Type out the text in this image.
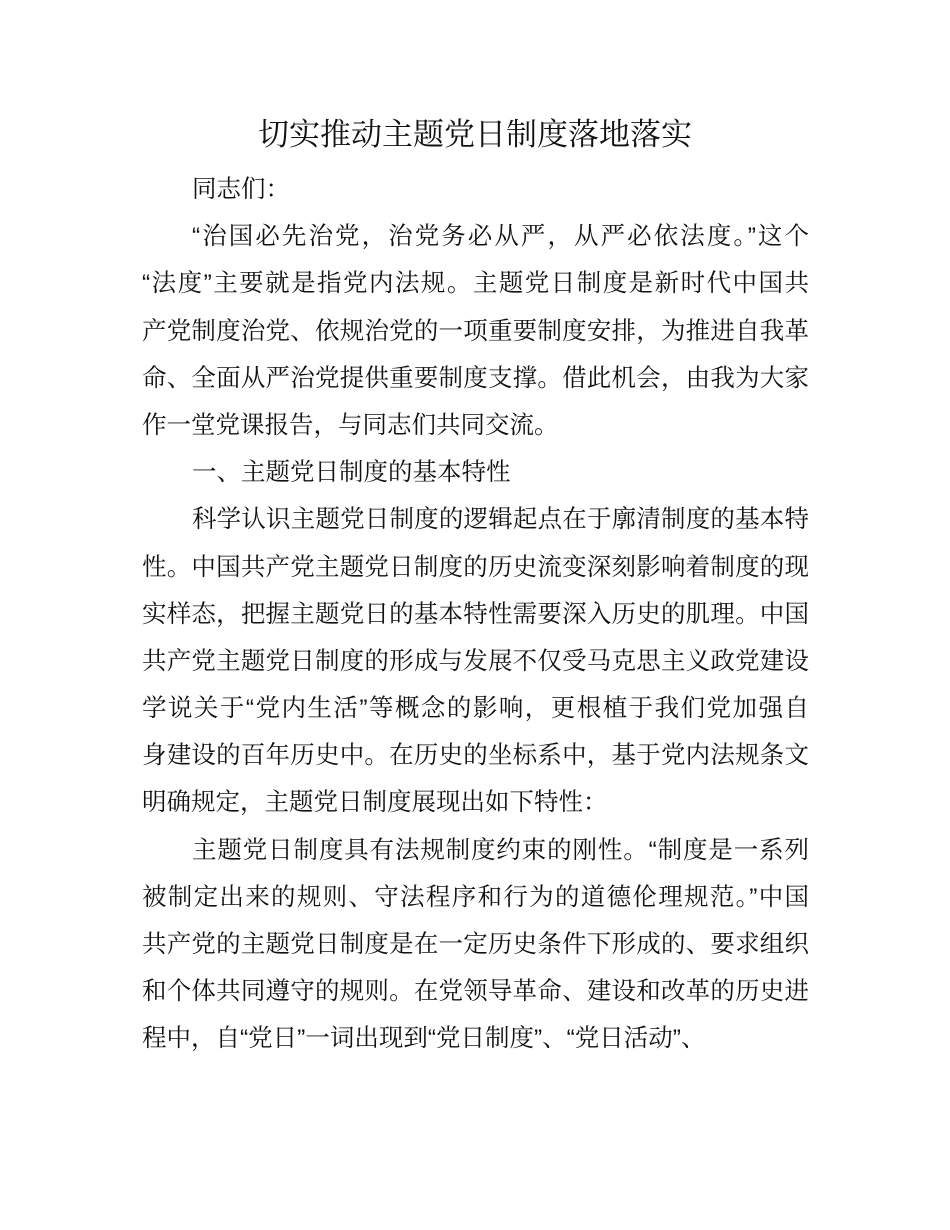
切实推动主题党日制度落地落实
同志们：
“治国必先治党，治党务必从严，从严必依法度。”这个
“法度”主要就是指党内法规。主题党日制度是新时代中国共
产党制度治党、依规治党的一项重要制度安排，为推进自我革
命、全面从严治党提供重要制度支撑。借此机会，由我为大家
作一堂党课报告，与同志们共同交流。
一、主题党日制度的基本特性
科学认识主题党日制度的逻辑起点在于廓清制度的基本特
性。中国共产党主题党日制度的历史流变深刻影响着制度的现
实样态，把握主题党日的基本特性需要深入历史的肌理。中国
共产党主题党日制度的形成与发展不仅受马克思主义政党建设
学说关于“党内生活”等概念的影响，更根植于我们党加强自
身建设的百年历史中。在历史的坐标系中，基于党内法规条文
明确规定，主题党日制度展现出如下特性：
主题党日制度具有法规制度约束的刚性。“制度是一系列
被制定出来的规则、守法程序和行为的道德伦理规范。”中国
共产党的主题党日制度是在一定历史条件下形成的、要求组织
和个体共同遵守的规则。在党领导革命、建设和改革的历史进
程中，自“党日”一词出现到“党日制度”、“党日活动”、
